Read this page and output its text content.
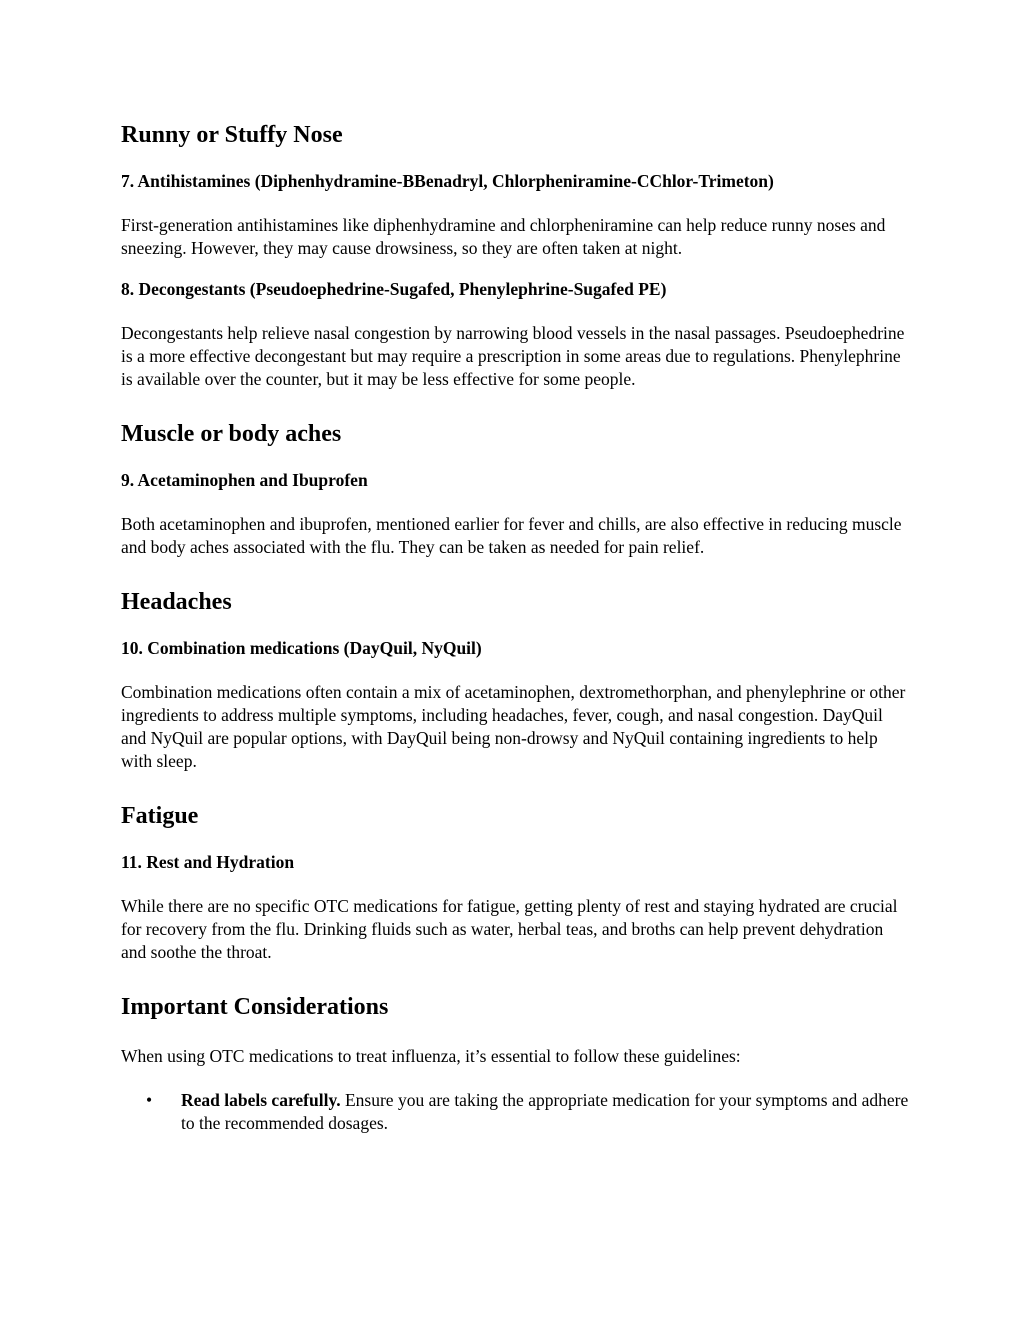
Runny or Stuffy Nose
7. Antihistamines (Diphenhydramine-BBenadryl, Chlorpheniramine-CChlor-Trimeton)

First-generation antihistamines like diphenhydramine and chlorpheniramine can help reduce runny noses and sneezing. However, they may cause drowsiness, so they are often taken at night.

8. Decongestants (Pseudoephedrine-Sugafed, Phenylephrine-Sugafed PE)

Decongestants help relieve nasal congestion by narrowing blood vessels in the nasal passages. Pseudoephedrine is a more effective decongestant but may require a prescription in some areas due to regulations. Phenylephrine is available over the counter, but it may be less effective for some people.

Muscle or body aches
9. Acetaminophen and Ibuprofen

Both acetaminophen and ibuprofen, mentioned earlier for fever and chills, are also effective in reducing muscle and body aches associated with the flu. They can be taken as needed for pain relief.

Headaches
10. Combination medications (DayQuil, NyQuil)

Combination medications often contain a mix of acetaminophen, dextromethorphan, and phenylephrine or other ingredients to address multiple symptoms, including headaches, fever, cough, and nasal congestion. DayQuil and NyQuil are popular options, with DayQuil being non-drowsy and NyQuil containing ingredients to help with sleep.

Fatigue
11. Rest and Hydration

While there are no specific OTC medications for fatigue, getting plenty of rest and staying hydrated are crucial for recovery from the flu. Drinking fluids such as water, herbal teas, and broths can help prevent dehydration and soothe the throat.

Important Considerations

When using OTC medications to treat influenza, it’s essential to follow these guidelines:

• Read labels carefully. Ensure you are taking the appropriate medication for your symptoms and adhere to the recommended dosages.
